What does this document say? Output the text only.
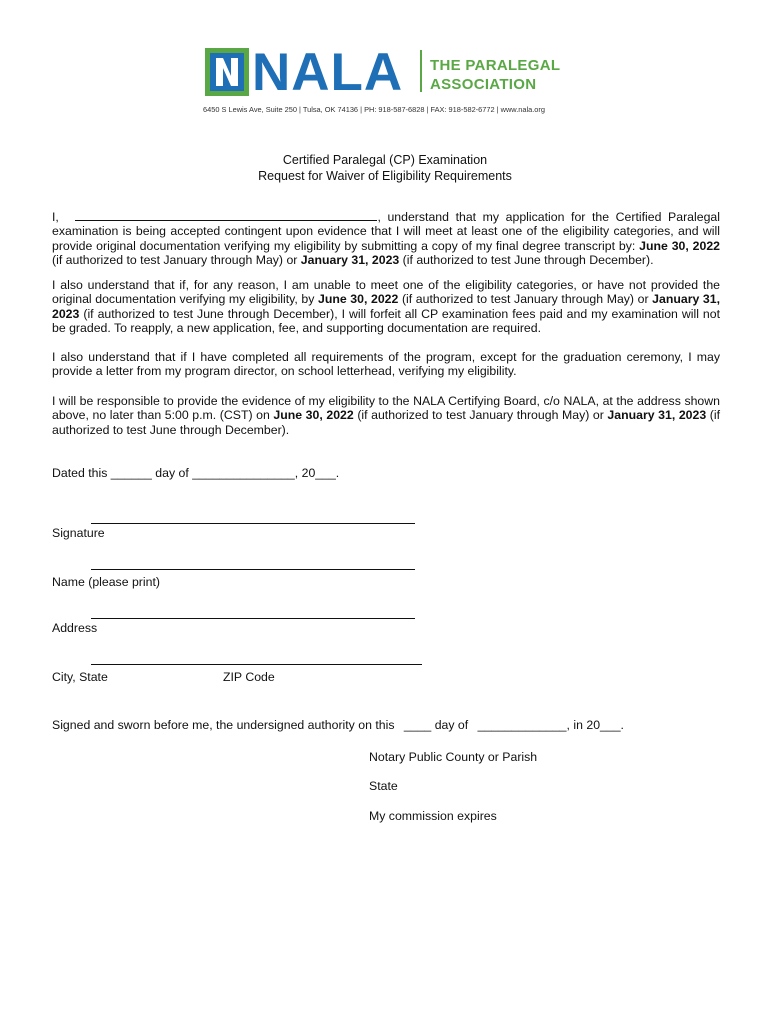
NALA THE PARALEGAL
ASSOCIATION
6450 S Lewis Ave, Suite 250 | Tulsa, OK 74136 | PH: 918-587-6828 | FAX: 918-582-6772 | www.nala.org
Certified Paralegal (CP) Examination
Request for Waiver of Eligibility Requirements
I,	, understand that my application for the Certified Paralegal examination is being accepted contingent upon evidence that I will meet at least one of the eligibility categories, and will provide original documentation verifying my eligibility by submitting a copy of my final degree transcript by: June 30, 2022 (if authorized to test January through May) or January 31, 2023 (if authorized to test June through December).
I also understand that if, for any reason, I am unable to meet one of the eligibility categories, or have not provided the original documentation verifying my eligibility, by June 30, 2022 (if authorized to test January through May) or January 31, 2023 (if authorized to test June through December), I will forfeit all CP examination fees paid and my examination will not be graded. To reapply, a new application, fee, and supporting documentation are required.
I also understand that if I have completed all requirements of the program, except for the graduation ceremony, I may provide a letter from my program director, on school letterhead, verifying my eligibility.
I will be responsible to provide the evidence of my eligibility to the NALA Certifying Board, c/o NALA, at the address shown above, no later than 5:00 p.m. (CST) on June 30, 2022 (if authorized to test January through May) or January 31, 2023 (if authorized to test June through December).
Dated this ______ day of _______________, 20___.
Signature
Name (please print)
Address
City, State	ZIP Code
Signed and sworn before me, the undersigned authority on this ____ day of _____________, in 20___.
Notary Public County or Parish
State
My commission expires
